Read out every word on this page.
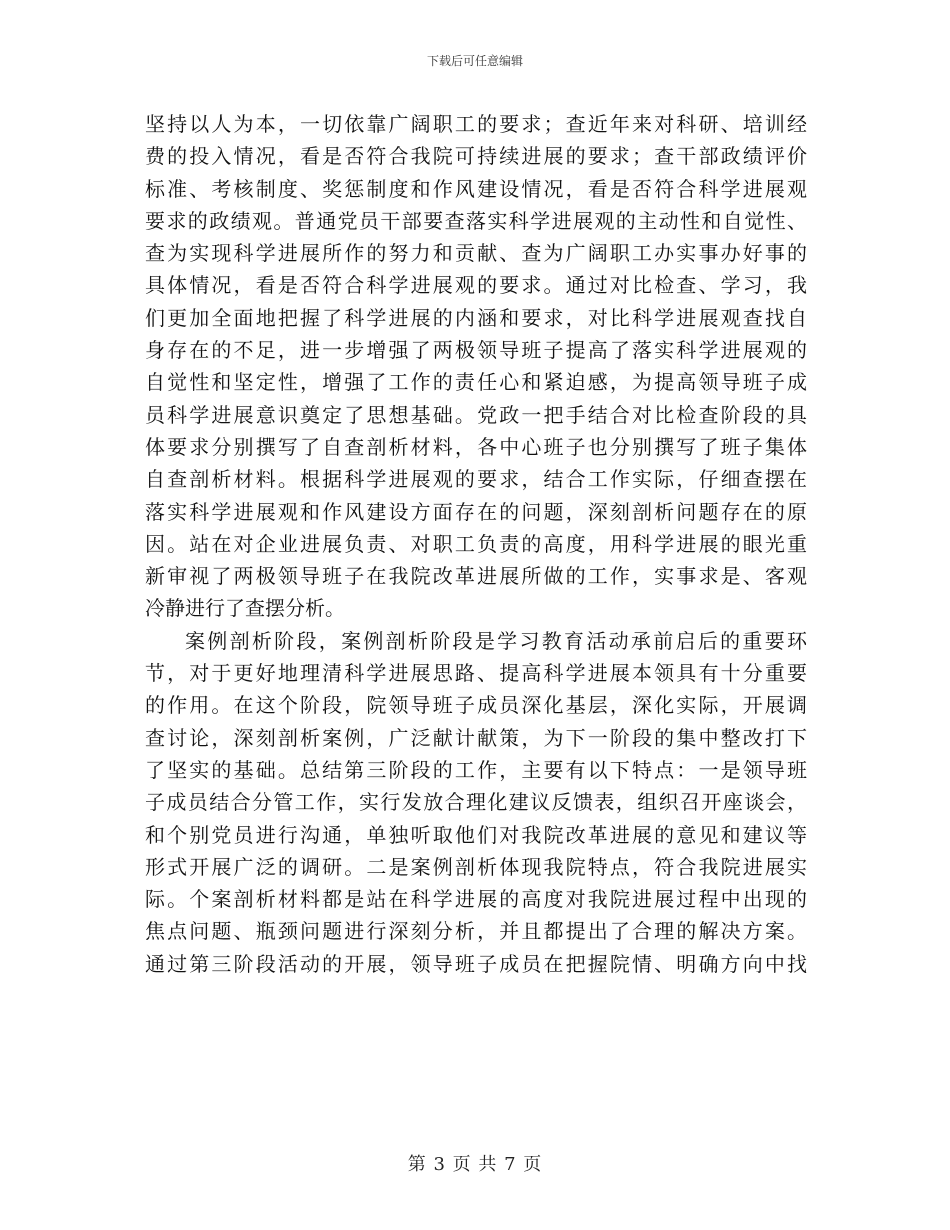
下载后可任意编辑
坚持以人为本，一切依靠广阔职工的要求；查近年来对科研、培训经
费的投入情况，看是否符合我院可持续进展的要求；查干部政绩评价
标准、考核制度、奖惩制度和作风建设情况，看是否符合科学进展观
要求的政绩观。普通党员干部要查落实科学进展观的主动性和自觉性、
查为实现科学进展所作的努力和贡献、查为广阔职工办实事办好事的
具体情况，看是否符合科学进展观的要求。通过对比检查、学习，我
们更加全面地把握了科学进展的内涵和要求，对比科学进展观查找自
身存在的不足，进一步增强了两极领导班子提高了落实科学进展观的
自觉性和坚定性，增强了工作的责任心和紧迫感，为提高领导班子成
员科学进展意识奠定了思想基础。党政一把手结合对比检查阶段的具
体要求分别撰写了自查剖析材料，各中心班子也分别撰写了班子集体
自查剖析材料。根据科学进展观的要求，结合工作实际，仔细查摆在
落实科学进展观和作风建设方面存在的问题，深刻剖析问题存在的原
因。站在对企业进展负责、对职工负责的高度，用科学进展的眼光重
新审视了两极领导班子在我院改革进展所做的工作，实事求是、客观
冷静进行了查摆分析。
案例剖析阶段，案例剖析阶段是学习教育活动承前启后的重要环
节，对于更好地理清科学进展思路、提高科学进展本领具有十分重要
的作用。在这个阶段，院领导班子成员深化基层，深化实际，开展调
查讨论，深刻剖析案例，广泛献计献策，为下一阶段的集中整改打下
了坚实的基础。总结第三阶段的工作，主要有以下特点：一是领导班
子成员结合分管工作，实行发放合理化建议反馈表，组织召开座谈会，
和个别党员进行沟通，单独听取他们对我院改革进展的意见和建议等
形式开展广泛的调研。二是案例剖析体现我院特点，符合我院进展实
际。个案剖析材料都是站在科学进展的高度对我院进展过程中出现的
焦点问题、瓶颈问题进行深刻分析，并且都提出了合理的解决方案。
通过第三阶段活动的开展，领导班子成员在把握院情、明确方向中找
第 3 页 共 7 页
